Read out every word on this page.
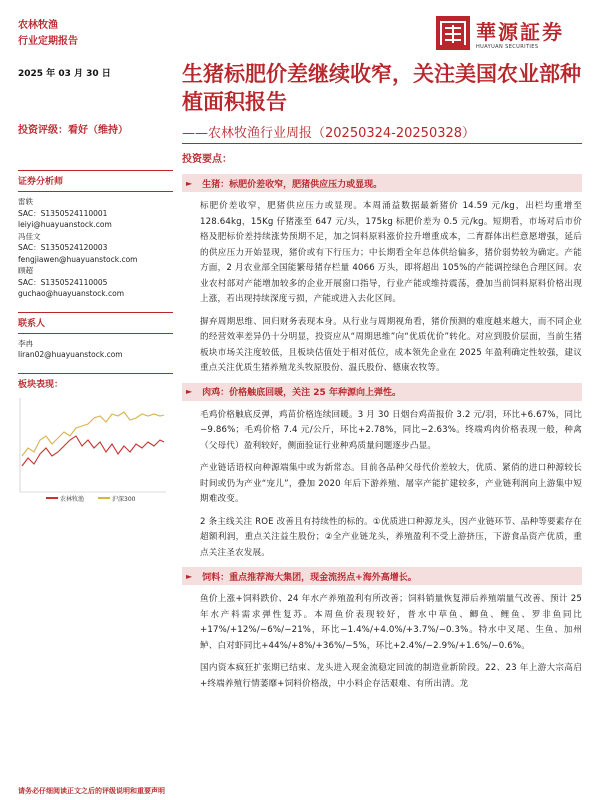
农林牧渔
行业定期报告
2025 年 03 月 30 日
投资评级：看好（维持）
证券分析师
雷轶
SAC：S1350524110001
leiyi@huayuanstock.com
冯佳文
SAC：S1350524120003
fengjiawen@huayuanstock.com
顾超
SAC：S1350524110005
guchao@huayuanstock.com
联系人
李冉
liran02@huayuanstock.com
板块表现：
农林牧渔	沪深300
華源証券
HUAYUAN SECURITIES
生猪标肥价差继续收窄，关注美国农业部种植面积报告
——农林牧渔行业周报（20250324-20250328）
投资要点：
► 生猪：标肥价差收窄，肥猪供应压力或显现。

标肥价差收窄，肥猪供应压力或显现。本周涌益数据最新猪价 14.59 元/kg，出栏均重增至 128.64kg，15Kg 仔猪涨至 647 元/头，175kg 标肥价差为 0.5 元/kg。短期看，市场对后市价格及肥标价差持续涨势预期不足，加之饲料原料涨价拉升增重成本，二育群体出栏意愿增强，延后的供应压力开始显现，猪价或有下行压力；中长期看全年总体供给偏多，猪价弱势较为确定。产能方面，2 月农业部全国能繁母猪存栏量 4066 万头，即将超出 105%的产能调控绿色合理区间。农业农村部对产能增加较多的企业开展窗口指导，行业产能或维持震荡，叠加当前饲料原料价格出现上涨，若出现持续深度亏损，产能或进入去化区间。

摒弃周期思维、回归财务表现本身。从行业与周期视角看，猪价预测的难度越来越大，而不同企业的经营效率差异仍十分明显，投资应从“周期思维”向“优质优价”转化。对应到股价层面，当前生猪板块市场关注度较低，且板块估值处于相对低位，成本领先企业在 2025 年盈利确定性较强，建议重点关注优质生猪养殖龙头牧原股份、温氏股份、德康农牧等。

► 肉鸡：价格触底回暖，关注 25 年种源向上弹性。

毛鸡价格触底反弹，鸡苗价格连续回暖。3 月 30 日烟台鸡苗报价 3.2 元/羽，环比+6.67%，同比−9.86%；毛鸡价格 7.4 元/公斤，环比+2.78%，同比−2.63%。终端鸡肉价格表现一般，种禽（父母代）盈利较好，侧面验证行业种鸡质量问题逐步凸显。

产业链话语权向种源端集中或为新常态。目前各品种父母代价差较大，优质、紧俏的进口种源较长时间或仍为产业“宠儿”，叠加 2020 年后下游养殖、屠宰产能扩建较多，产业链利润向上游集中短期难改变。

2 条主线关注 ROE 改善且有持续性的标的。①优质进口种源龙头，因产业链环节、品种等要素存在超额利润，重点关注益生股份；②全产业链龙头，养殖盈利不受上游挤压，下游食品资产优质，重点关注圣农发展。

► 饲料：重点推荐海大集团，现金流拐点+海外高增长。

鱼价上涨+饲料跌价、24 年水产养殖盈利有所改善；饲料销量恢复滞后养殖端量气改善、预计 25 年水产料需求弹性复苏。本周鱼价表现较好，普水中草鱼、鲫鱼、鲤鱼、罗非鱼同比+17%/+12%/−6%/−21%，环比−1.4%/+4.0%/+3.7%/−0.3%。特水中叉尾、生鱼、加州鲈、白对虾同比+44%/+8%/+36%/−5%，环比+2.4%/−2.9%/+1.6%/−0.6%。

国内资本疯狂扩张期已结束、龙头进入现金流稳定回流的制造业新阶段。22、23 年上游大宗高启+终端养殖行情萎靡+饲料价格战，中小料企存活艰难、有所出清。龙

请务必仔细阅读正文之后的评级说明和重要声明
